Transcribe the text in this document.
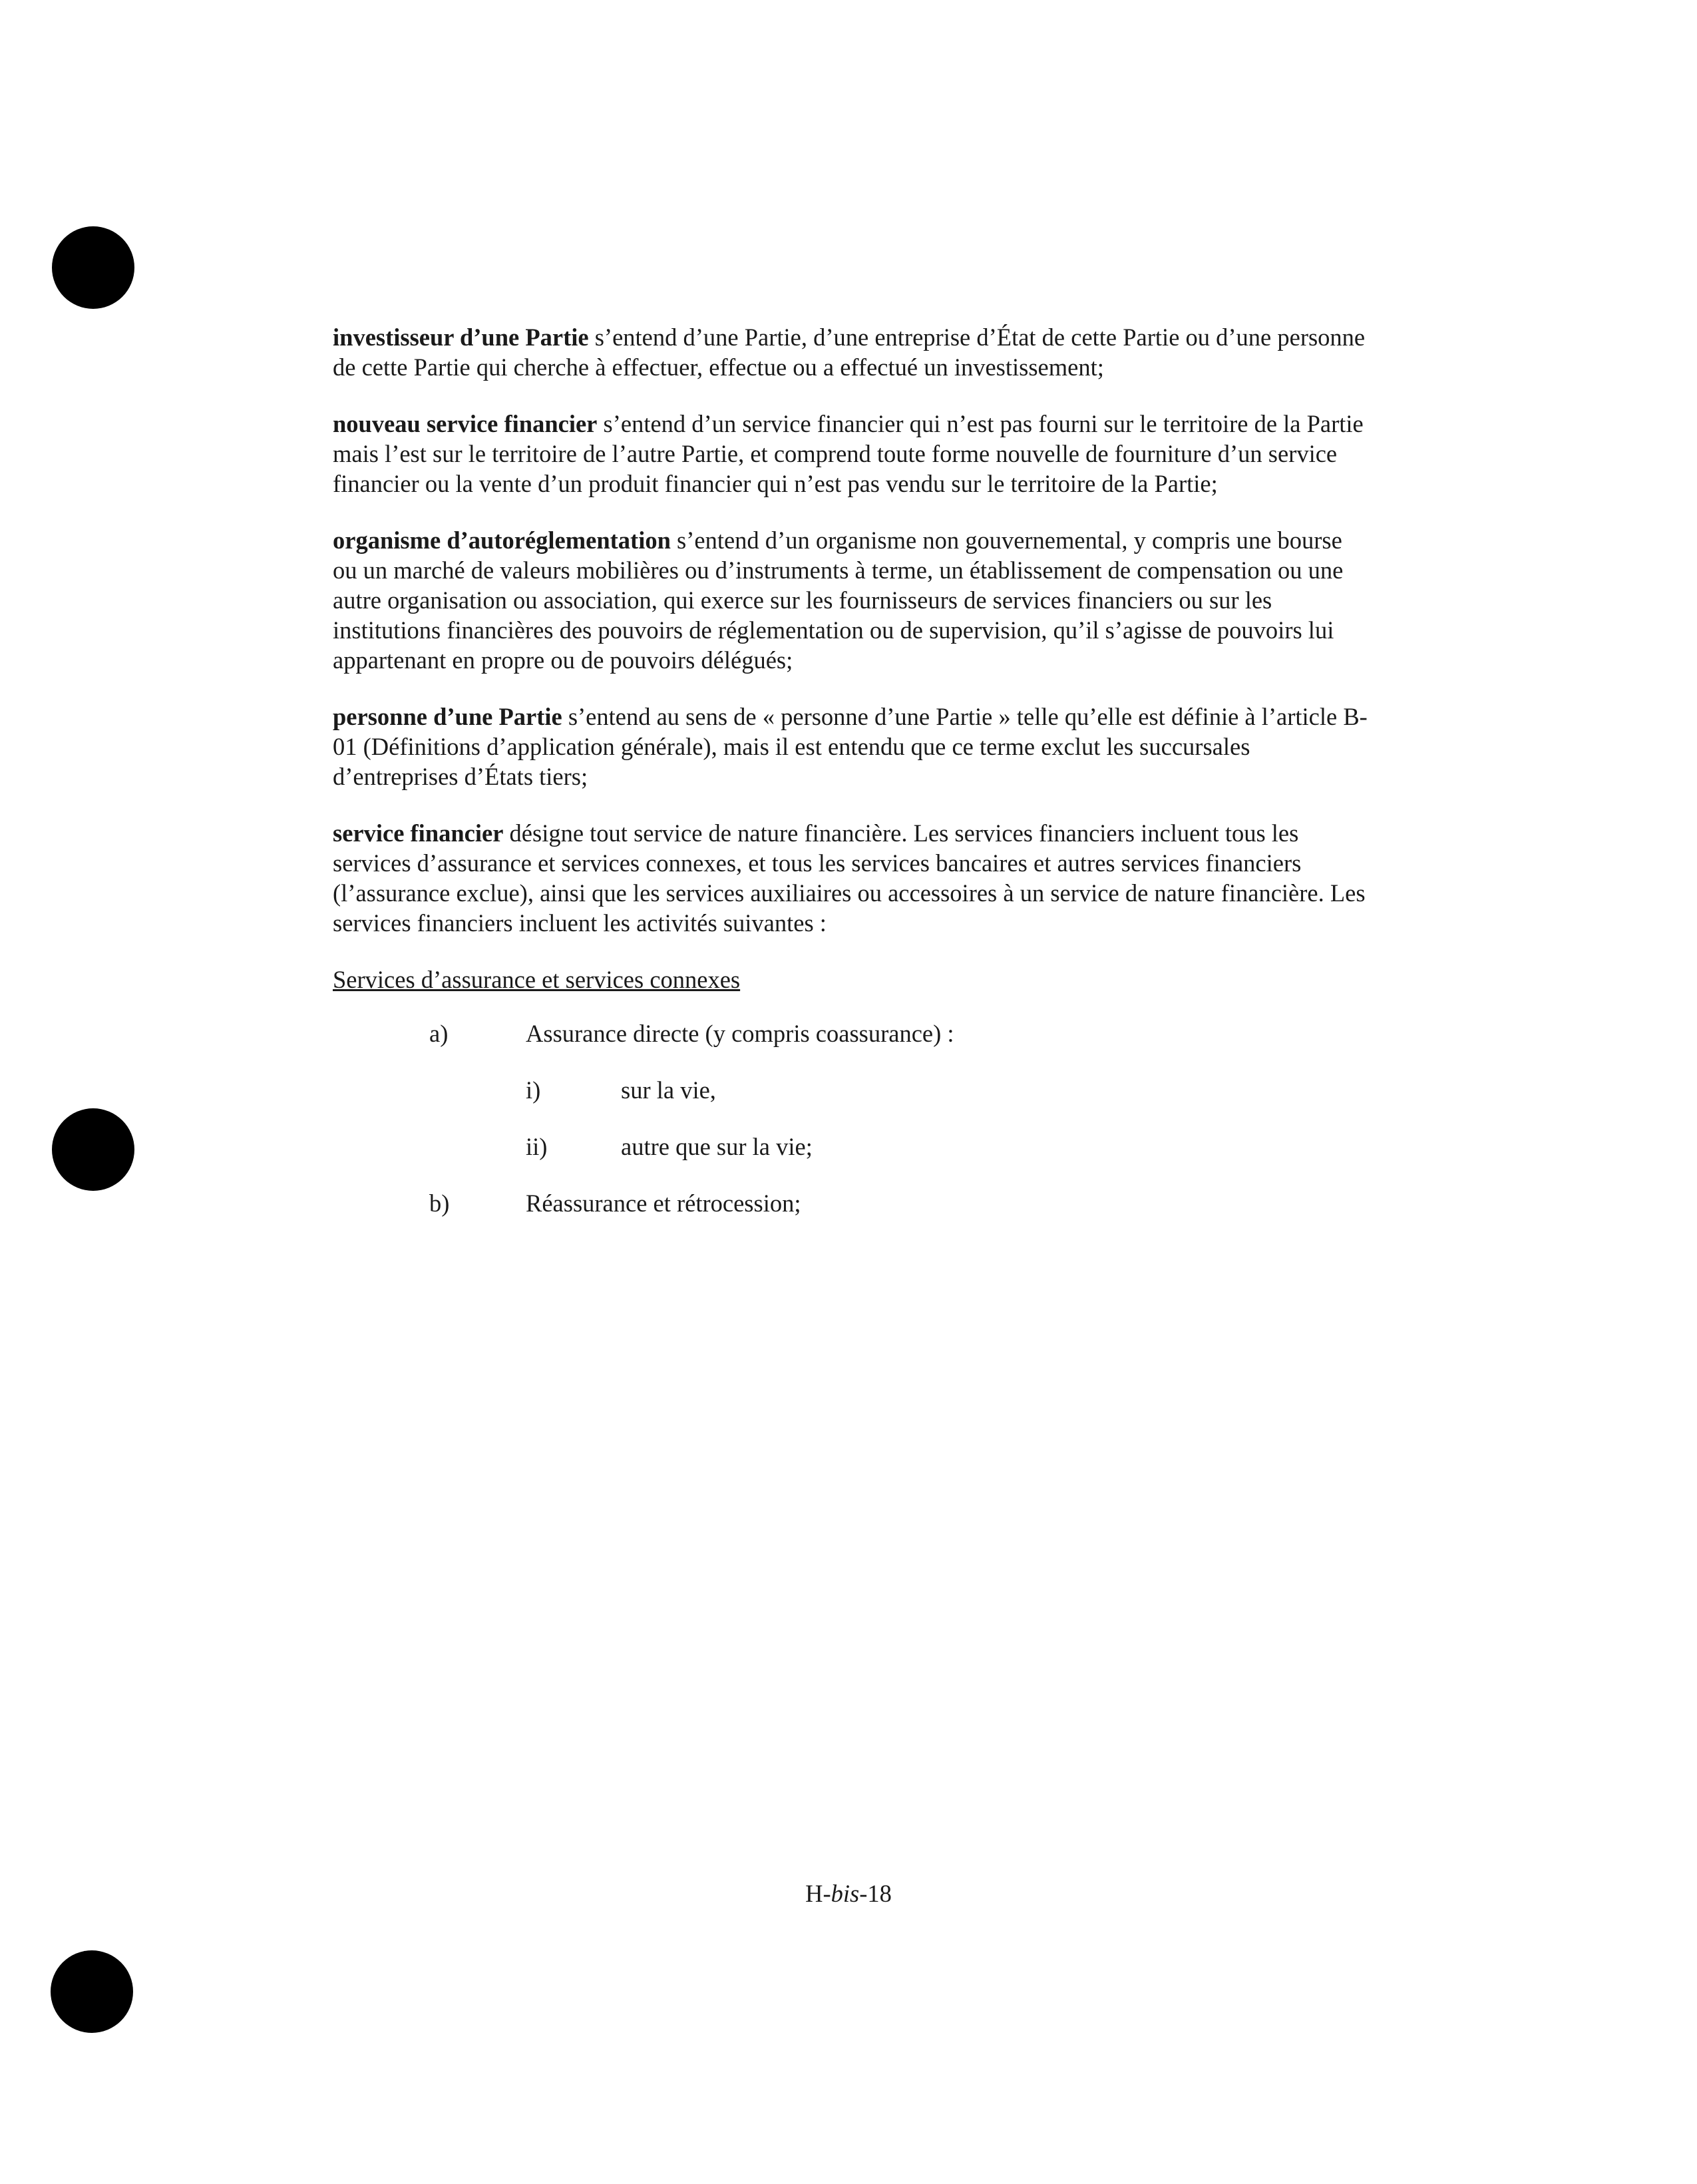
investisseur d’une Partie s’entend d’une Partie, d’une entreprise d’État de cette Partie ou d’une personne de cette Partie qui cherche à effectuer, effectue ou a effectué un investissement;

nouveau service financier s’entend d’un service financier qui n’est pas fourni sur le territoire de la Partie mais l’est sur le territoire de l’autre Partie, et comprend toute forme nouvelle de fourniture d’un service financier ou la vente d’un produit financier qui n’est pas vendu sur le territoire de la Partie;

organisme d’autoréglementation s’entend d’un organisme non gouvernemental, y compris une bourse ou un marché de valeurs mobilières ou d’instruments à terme, un établissement de compensation ou une autre organisation ou association, qui exerce sur les fournisseurs de services financiers ou sur les institutions financières des pouvoirs de réglementation ou de supervision, qu’il s’agisse de pouvoirs lui appartenant en propre ou de pouvoirs délégués;

personne d’une Partie s’entend au sens de « personne d’une Partie » telle qu’elle est définie à l’article B-01 (Définitions d’application générale), mais il est entendu que ce terme exclut les succursales d’entreprises d’États tiers;

service financier désigne tout service de nature financière. Les services financiers incluent tous les services d’assurance et services connexes, et tous les services bancaires et autres services financiers (l’assurance exclue), ainsi que les services auxiliaires ou accessoires à un service de nature financière. Les services financiers incluent les activités suivantes :

Services d’assurance et services connexes

a)	Assurance directe (y compris coassurance) :
i)	sur la vie,
ii)	autre que sur la vie;
b)	Réassurance et rétrocession;
H-bis-18
